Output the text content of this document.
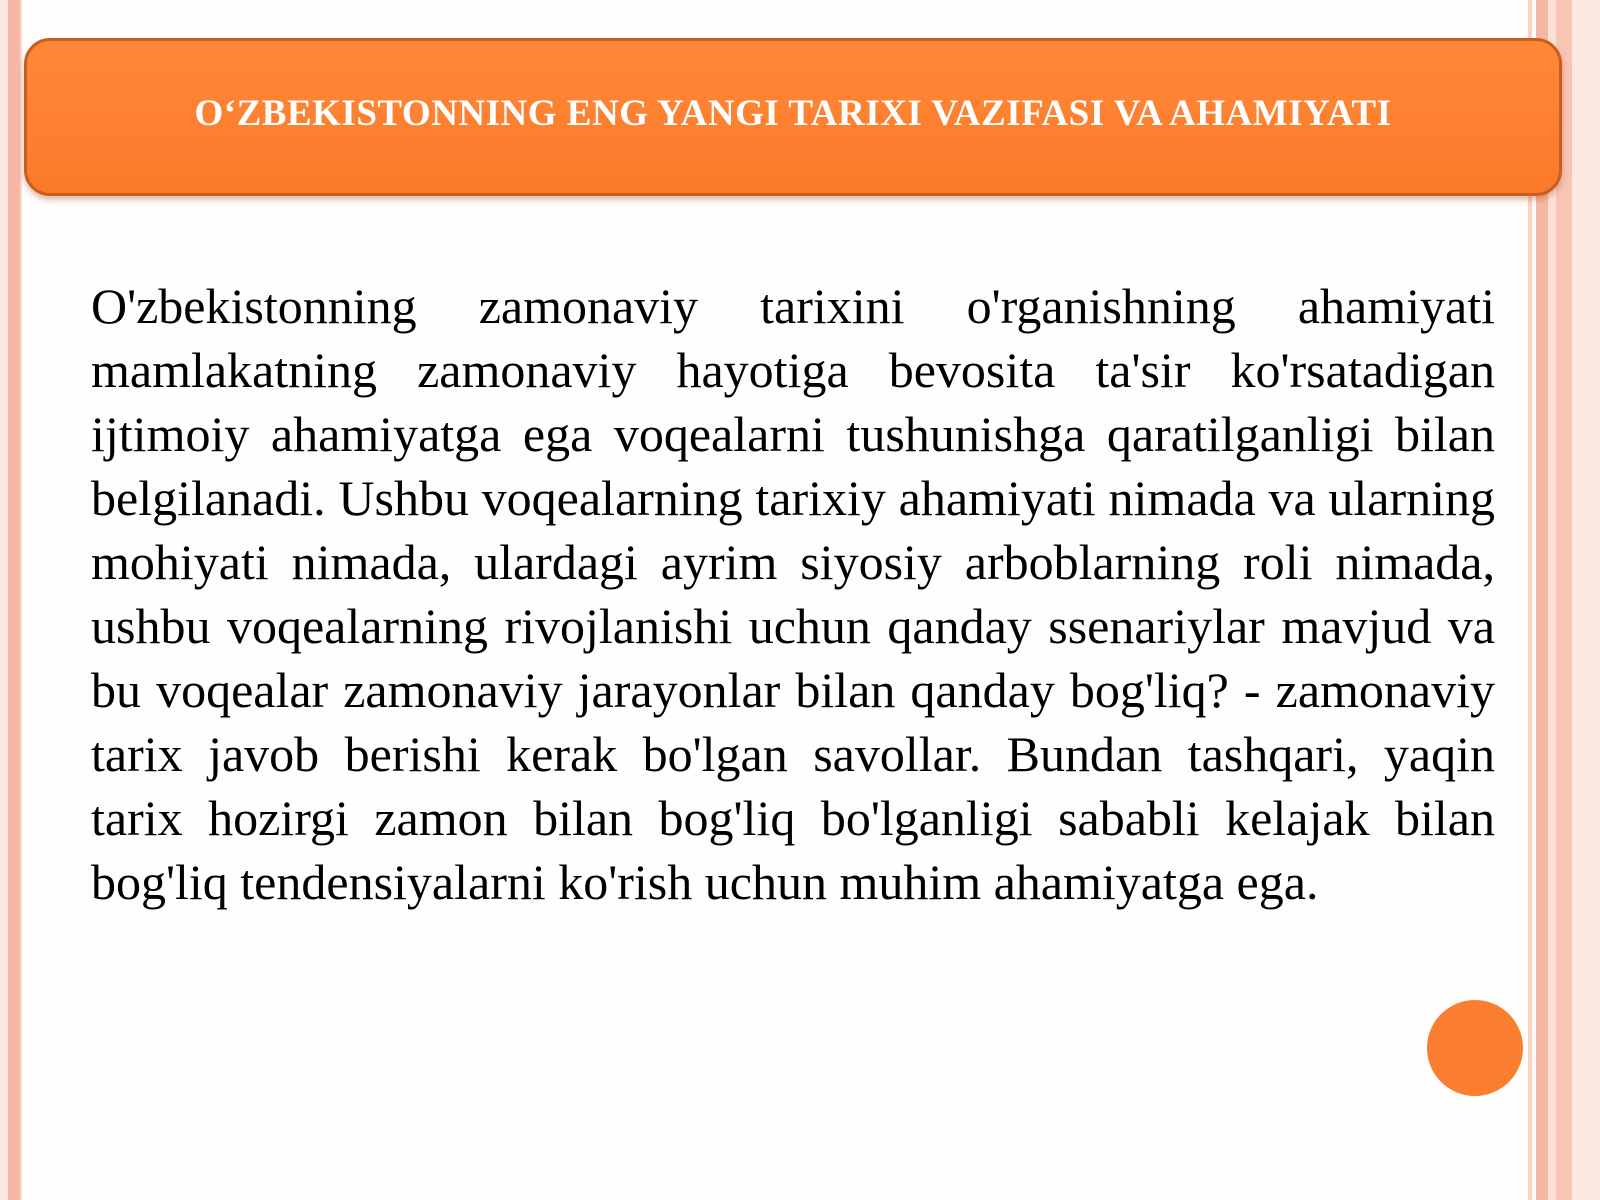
O‘ZBEKISTONNING ENG YANGI TARIXI VAZIFASI VA AHAMIYATI

O'zbekistonning zamonaviy tarixini o'rganishning ahamiyati mamlakatning zamonaviy hayotiga bevosita ta'sir ko'rsatadigan ijtimoiy ahamiyatga ega voqealarni tushunishga qaratilganligi bilan belgilanadi. Ushbu voqealarning tarixiy ahamiyati nimada va ularning mohiyati nimada, ulardagi ayrim siyosiy arboblarning roli nimada, ushbu voqealarning rivojlanishi uchun qanday ssenariylar mavjud va bu voqealar zamonaviy jarayonlar bilan qanday bog'liq? - zamonaviy tarix javob berishi kerak bo'lgan savollar. Bundan tashqari, yaqin tarix hozirgi zamon bilan bog'liq bo'lganligi sababli kelajak bilan bog'liq tendensiyalarni ko'rish uchun muhim ahamiyatga ega.
